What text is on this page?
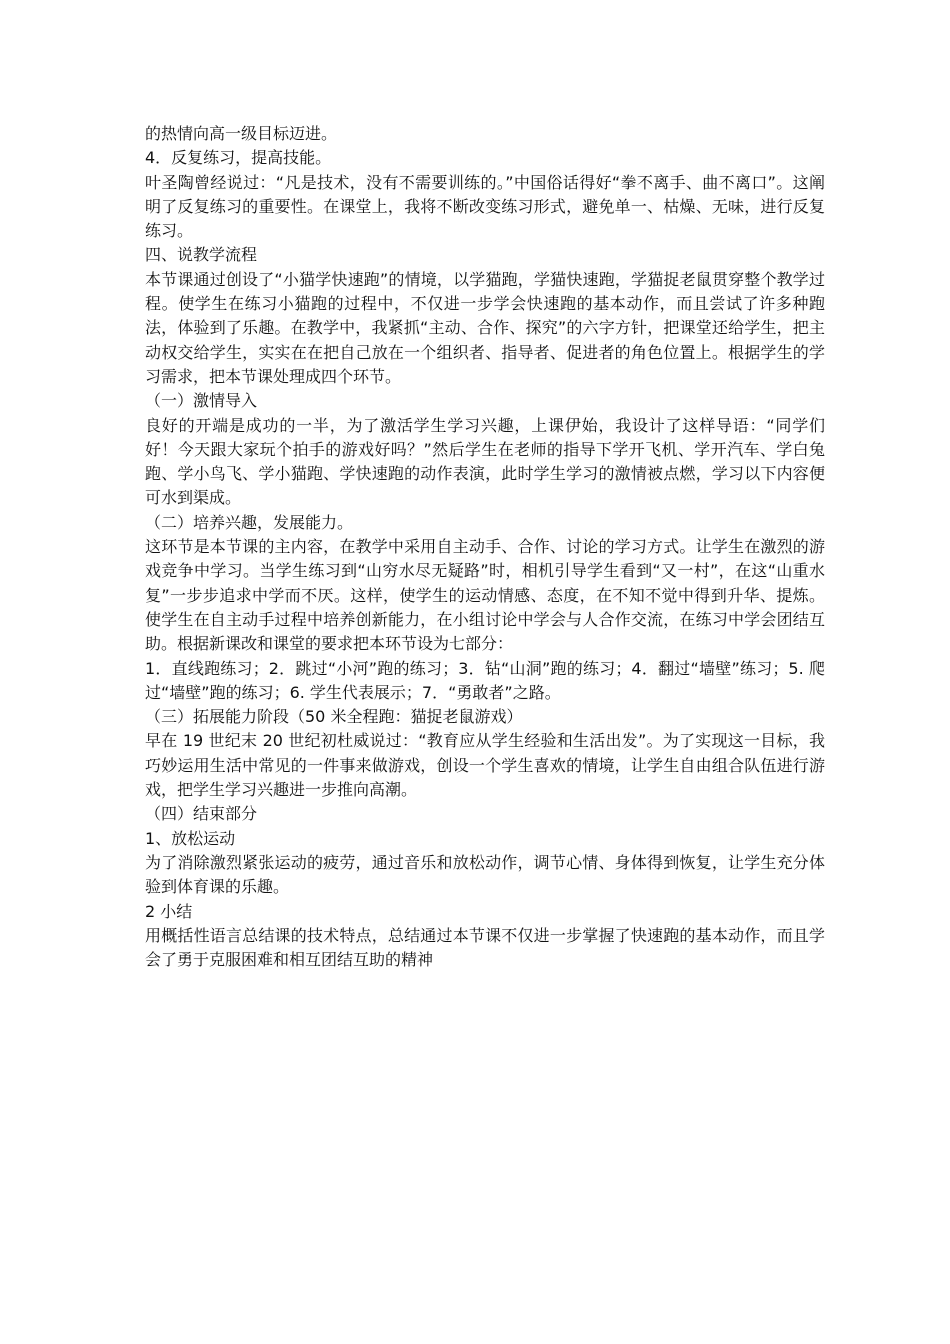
的热情向高一级目标迈进。

4．反复练习，提高技能。

叶圣陶曾经说过：“凡是技术，没有不需要训练的。”中国俗话得好“拳不离手、曲不离口”。这阐明了反复练习的重要性。在课堂上，我将不断改变练习形式，避免单一、枯燥、无味，进行反复练习。

四、说教学流程

本节课通过创设了“小猫学快速跑”的情境，以学猫跑，学猫快速跑，学猫捉老鼠贯穿整个教学过程。使学生在练习小猫跑的过程中，不仅进一步学会快速跑的基本动作，而且尝试了许多种跑法，体验到了乐趣。在教学中，我紧抓“主动、合作、探究”的六字方针，把课堂还给学生，把主动权交给学生，实实在在把自己放在一个组织者、指导者、促进者的角色位置上。根据学生的学习需求，把本节课处理成四个环节。

（一）激情导入

良好的开端是成功的一半，为了激活学生学习兴趣，上课伊始，我设计了这样导语：“同学们好！今天跟大家玩个拍手的游戏好吗？”然后学生在老师的指导下学开飞机、学开汽车、学白兔跑、学小鸟飞、学小猫跑、学快速跑的动作表演，此时学生学习的激情被点燃，学习以下内容便可水到渠成。

（二）培养兴趣，发展能力。

这环节是本节课的主内容，在教学中采用自主动手、合作、讨论的学习方式。让学生在激烈的游戏竞争中学习。当学生练习到“山穷水尽无疑路”时，相机引导学生看到“又一村”，在这“山重水复”一步步追求中学而不厌。这样，使学生的运动情感、态度，在不知不觉中得到升华、提炼。使学生在自主动手过程中培养创新能力，在小组讨论中学会与人合作交流，在练习中学会团结互助。根据新课改和课堂的要求把本环节设为七部分：

1．直线跑练习；2．跳过“小河”跑的练习；3．钻“山洞”跑的练习；4．翻过“墙壁”练习；5. 爬过“墙壁”跑的练习；6. 学生代表展示；7．“勇敢者”之路。

（三）拓展能力阶段（50 米全程跑：猫捉老鼠游戏）

早在 19 世纪末 20 世纪初杜威说过：“教育应从学生经验和生活出发”。为了实现这一目标，我巧妙运用生活中常见的一件事来做游戏，创设一个学生喜欢的情境，让学生自由组合队伍进行游戏，把学生学习兴趣进一步推向高潮。

（四）结束部分

1、放松运动

为了消除激烈紧张运动的疲劳，通过音乐和放松动作，调节心情、身体得到恢复，让学生充分体验到体育课的乐趣。

2 小结

用概括性语言总结课的技术特点，总结通过本节课不仅进一步掌握了快速跑的基本动作，而且学会了勇于克服困难和相互团结互助的精神
